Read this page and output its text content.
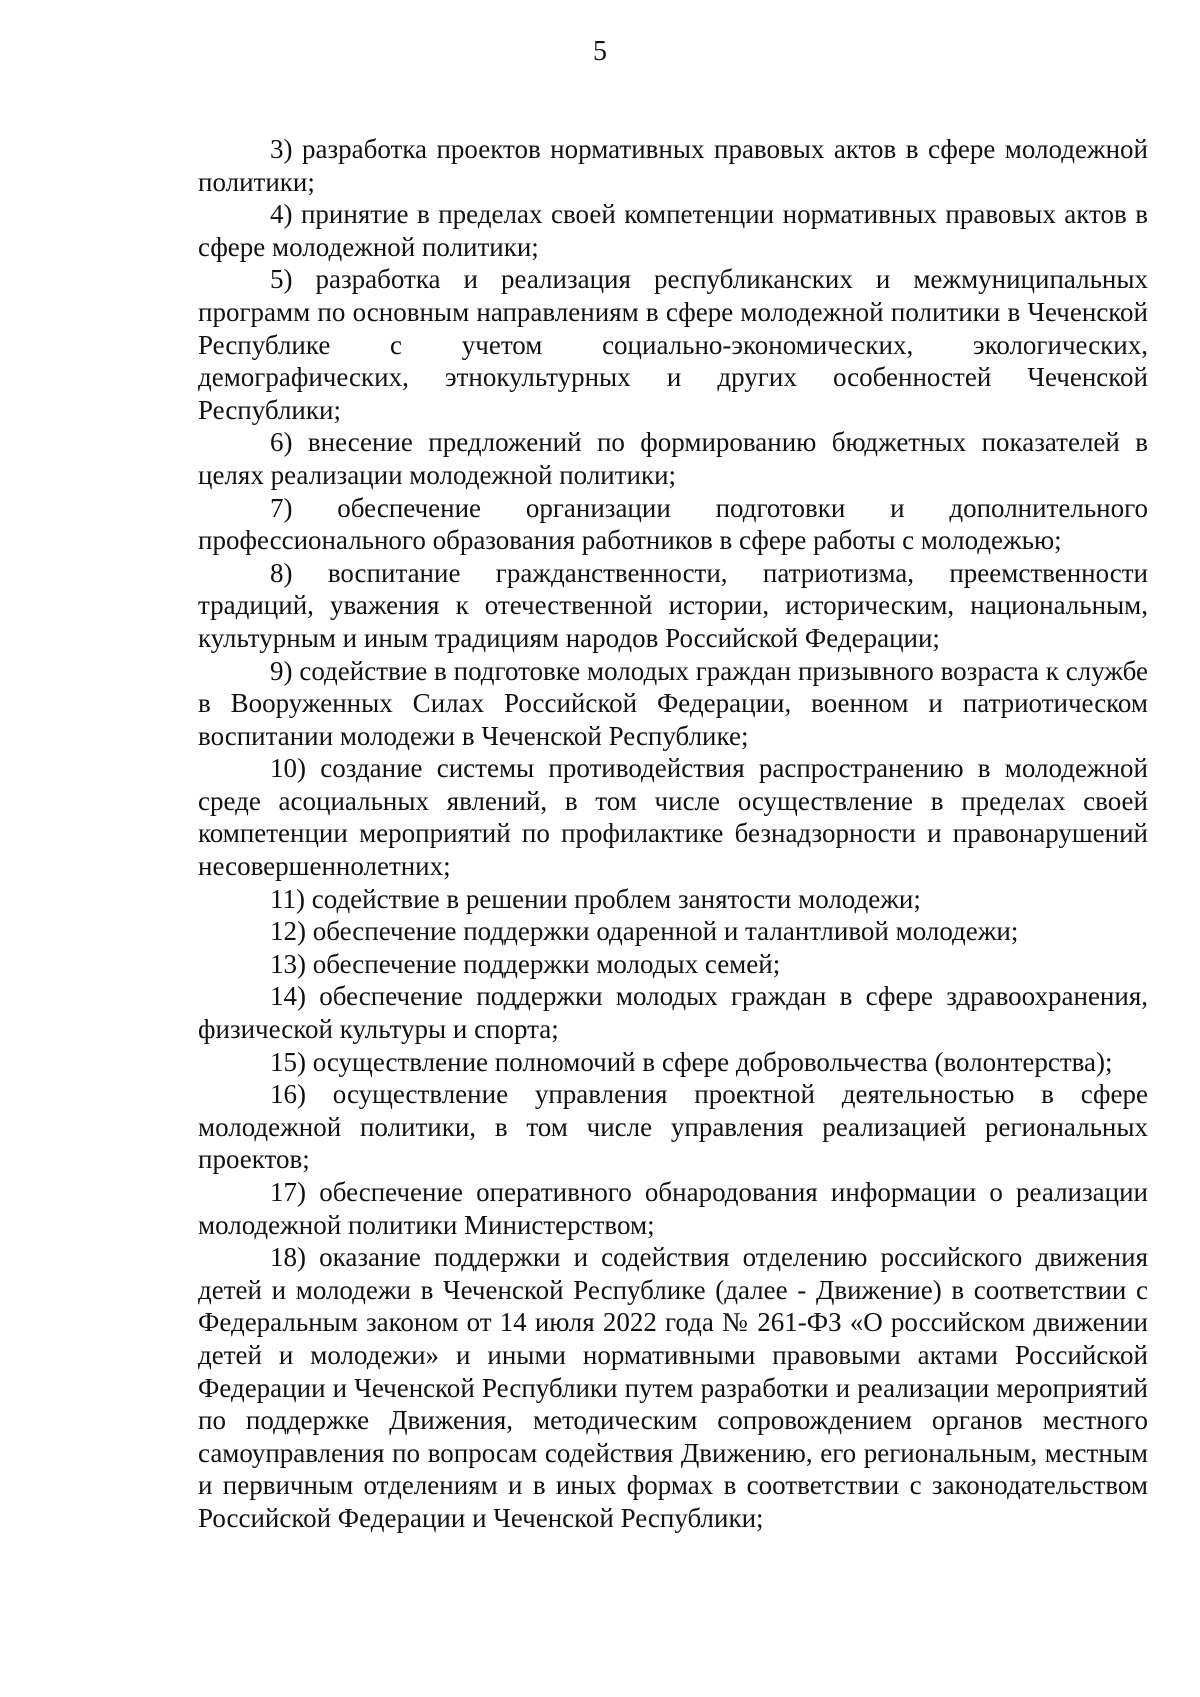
5

3) разработка проектов нормативных правовых актов в сфере молодежной политики;

4) принятие в пределах своей компетенции нормативных правовых актов в сфере молодежной политики;

5) разработка и реализация республиканских и межмуниципальных программ по основным направлениям в сфере молодежной политики в Чеченской Республике с учетом социально-экономических, экологических, демографических, этнокультурных и других особенностей Чеченской Республики;

6) внесение предложений по формированию бюджетных показателей в целях реализации молодежной политики;

7) обеспечение организации подготовки и дополнительного профессионального образования работников в сфере работы с молодежью;

8) воспитание гражданственности, патриотизма, преемственности традиций, уважения к отечественной истории, историческим, национальным, культурным и иным традициям народов Российской Федерации;

9) содействие в подготовке молодых граждан призывного возраста к службе в Вооруженных Силах Российской Федерации, военном и патриотическом воспитании молодежи в Чеченской Республике;

10) создание системы противодействия распространению в молодежной среде асоциальных явлений, в том числе осуществление в пределах своей компетенции мероприятий по профилактике безнадзорности и правонарушений несовершеннолетних;

11) содействие в решении проблем занятости молодежи;

12) обеспечение поддержки одаренной и талантливой молодежи;

13) обеспечение поддержки молодых семей;

14) обеспечение поддержки молодых граждан в сфере здравоохранения, физической культуры и спорта;

15) осуществление полномочий в сфере добровольчества (волонтерства);

16) осуществление управления проектной деятельностью в сфере молодежной политики, в том числе управления реализацией региональных проектов;

17) обеспечение оперативного обнародования информации о реализации молодежной политики Министерством;

18) оказание поддержки и содействия отделению российского движения детей и молодежи в Чеченской Республике (далее - Движение) в соответствии с Федеральным законом от 14 июля 2022 года № 261-ФЗ «О российском движении детей и молодежи» и иными нормативными правовыми актами Российской Федерации и Чеченской Республики путем разработки и реализации мероприятий по поддержке Движения, методическим сопровождением органов местного самоуправления по вопросам содействия Движению, его региональным, местным и первичным отделениям и в иных формах в соответствии с законодательством Российской Федерации и Чеченской Республики;
